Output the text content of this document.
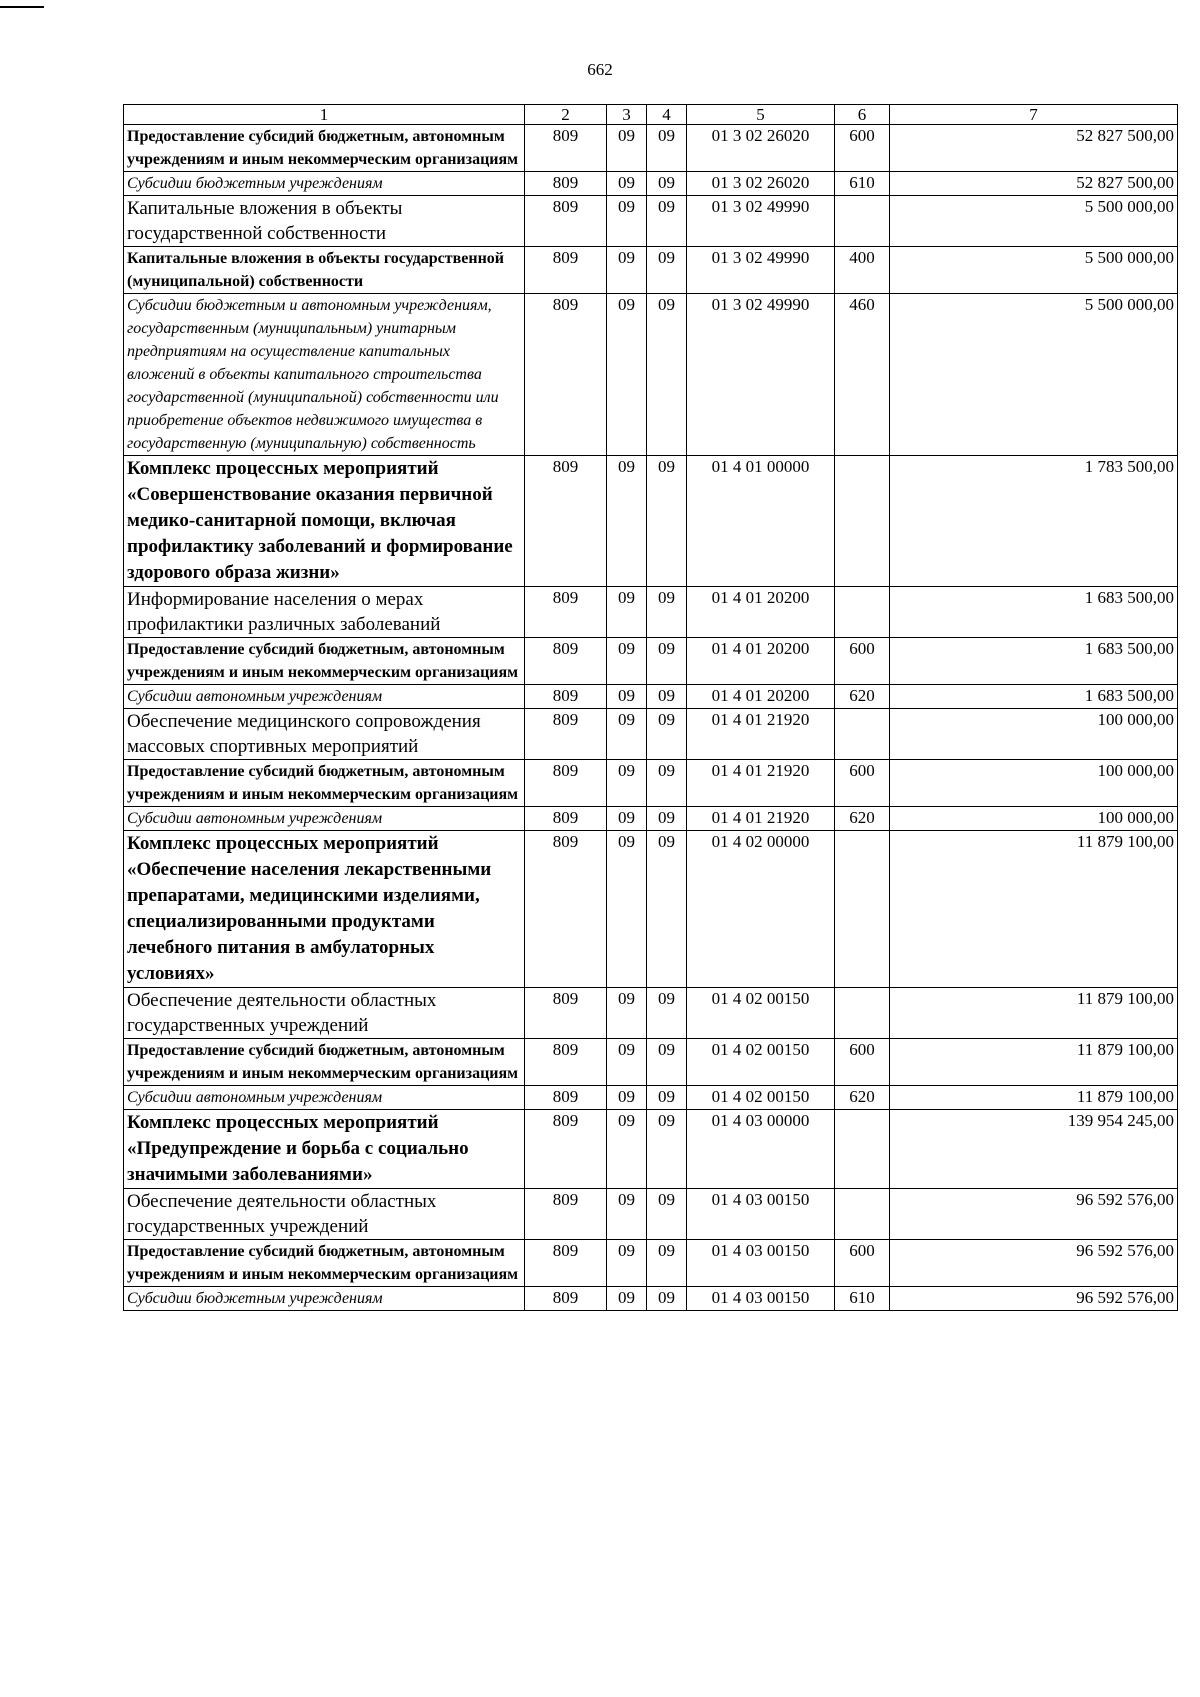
662
1	2	3	4	5	6	7
Предоставление субсидий бюджетным, автономным учреждениям и иным некоммерческим организациям	809	09	09	01 3 02 26020	600	52 827 500,00
Субсидии бюджетным учреждениям	809	09	09	01 3 02 26020	610	52 827 500,00
Капитальные вложения в объекты государственной собственности	809	09	09	01 3 02 49990		5 500 000,00
Капитальные вложения в объекты государственной (муниципальной) собственности	809	09	09	01 3 02 49990	400	5 500 000,00
Субсидии бюджетным и автономным учреждениям, государственным (муниципальным) унитарным предприятиям на осуществление капитальных вложений в объекты капитального строительства государственной (муниципальной) собственности или приобретение объектов недвижимого имущества в государственную (муниципальную) собственность	809	09	09	01 3 02 49990	460	5 500 000,00
Комплекс процессных мероприятий «Совершенствование оказания первичной медико-санитарной помощи, включая профилактику заболеваний и формирование здорового образа жизни»	809	09	09	01 4 01 00000		1 783 500,00
Информирование населения о мерах профилактики различных заболеваний	809	09	09	01 4 01 20200		1 683 500,00
Предоставление субсидий бюджетным, автономным учреждениям и иным некоммерческим организациям	809	09	09	01 4 01 20200	600	1 683 500,00
Субсидии автономным учреждениям	809	09	09	01 4 01 20200	620	1 683 500,00
Обеспечение медицинского сопровождения массовых спортивных мероприятий	809	09	09	01 4 01 21920		100 000,00
Предоставление субсидий бюджетным, автономным учреждениям и иным некоммерческим организациям	809	09	09	01 4 01 21920	600	100 000,00
Субсидии автономным учреждениям	809	09	09	01 4 01 21920	620	100 000,00
Комплекс процессных мероприятий «Обеспечение населения лекарственными препаратами, медицинскими изделиями, специализированными продуктами лечебного питания в амбулаторных условиях»	809	09	09	01 4 02 00000		11 879 100,00
Обеспечение деятельности областных государственных учреждений	809	09	09	01 4 02 00150		11 879 100,00
Предоставление субсидий бюджетным, автономным учреждениям и иным некоммерческим организациям	809	09	09	01 4 02 00150	600	11 879 100,00
Субсидии автономным учреждениям	809	09	09	01 4 02 00150	620	11 879 100,00
Комплекс процессных мероприятий «Предупреждение и борьба с социально значимыми заболеваниями»	809	09	09	01 4 03 00000		139 954 245,00
Обеспечение деятельности областных государственных учреждений	809	09	09	01 4 03 00150		96 592 576,00
Предоставление субсидий бюджетным, автономным учреждениям и иным некоммерческим организациям	809	09	09	01 4 03 00150	600	96 592 576,00
Субсидии бюджетным учреждениям	809	09	09	01 4 03 00150	610	96 592 576,00
